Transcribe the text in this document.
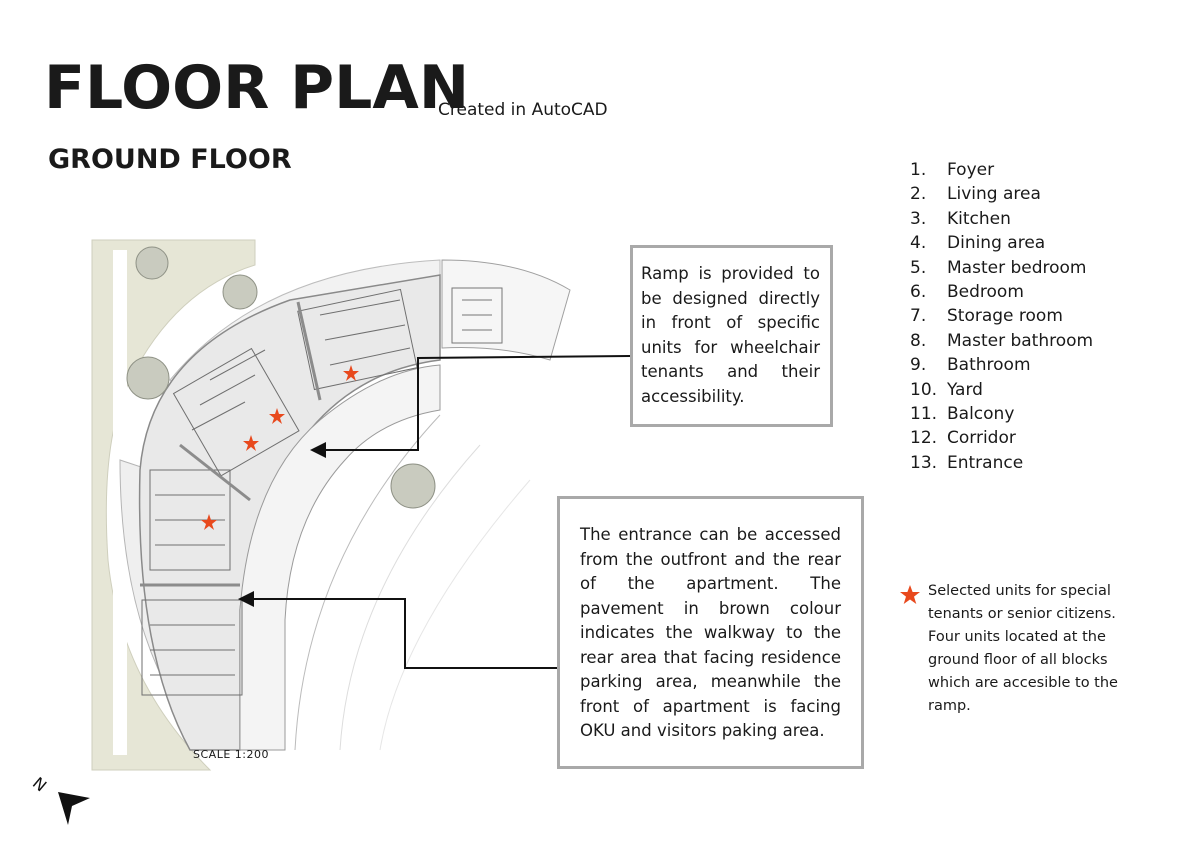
FLOOR PLAN
Created in AutoCAD
GROUND FLOOR
SCALE 1:200
Ramp is provided to be designed directly in front of specific units for wheelchair tenants and their accessibility.
The entrance can be accessed from the outfront and the rear of the apartment. The pavement in brown colour indicates the walkway to the rear area that facing residence parking area, meanwhile the front of apartment is facing OKU and visitors paking area.
1. Foyer
2. Living area
3. Kitchen
4. Dining area
5. Master bedroom
6. Bedroom
7. Storage room
8. Master bathroom
9. Bathroom
10. Yard
11. Balcony
12. Corridor
13. Entrance
Selected units for special tenants or senior citizens. Four units located at the ground floor of all blocks which are accesible to the ramp.
N
